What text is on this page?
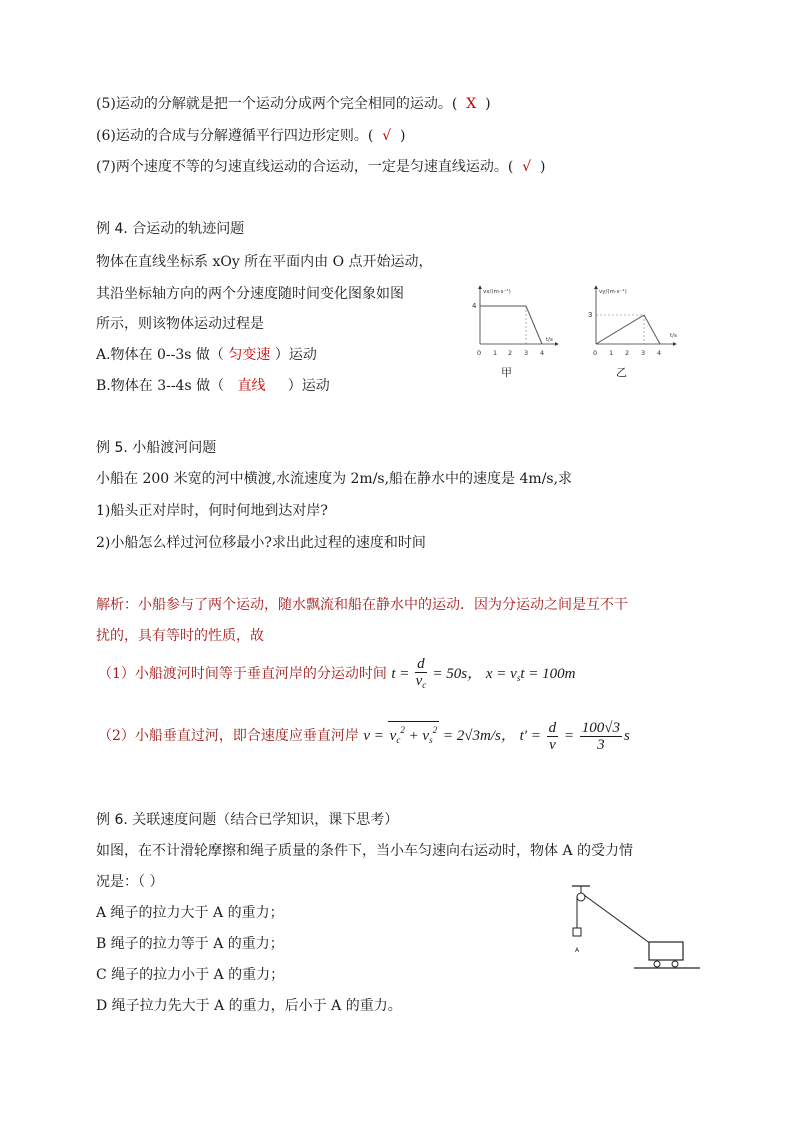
(5)运动的分解就是把一个运动分成两个完全相同的运动。( X )
(6)运动的合成与分解遵循平行四边形定则。( √ )
(7)两个速度不等的匀速直线运动的合运动，一定是匀速直线运动。( √ )
例 4. 合运动的轨迹问题
物体在直线坐标系 xOy 所在平面内由 O 点开始运动，
其沿坐标轴方向的两个分速度随时间变化图象如图
所示，则该物体运动过程是
A.物体在 0--3s 做（ 匀变速 ）运动
B.物体在 3--4s 做（ 直线 ）运动
vx/(m·s⁻¹)
4
t/s
0 1 2 3 4
甲
vy/(m·s⁻¹)
3
t/s
0 1 2 3 4
乙
例 5. 小船渡河问题
小船在 200 米宽的河中横渡,水流速度为 2m/s,船在静水中的速度是 4m/s,求
1)船头正对岸时，何时何地到达对岸?
2)小船怎么样过河位移最小?求出此过程的速度和时间
解析：小船参与了两个运动，随水飘流和船在静水中的运动．因为分运动之间是互不干
扰的，具有等时的性质，故
（1）小船渡河时间等于垂直河岸的分运动时间 $t = \frac{d}{v_c} = 50s$， $x = v_st = 100m$
（2）小船垂直过河，即合速度应垂直河岸 $v = v_c^2 + v_s^2 = 2√3m/s$， $t' = \frac{d}{v} = \frac{100√3}{3}$ s
例 6. 关联速度问题（结合已学知识，课下思考）
如图，在不计滑轮摩擦和绳子质量的条件下，当小车匀速向右运动时，物体 A 的受力情
况是：（ ）
A 绳子的拉力大于 A 的重力；
B 绳子的拉力等于 A 的重力；
C 绳子的拉力小于 A 的重力；
D 绳子拉力先大于 A 的重力，后小于 A 的重力。
A
